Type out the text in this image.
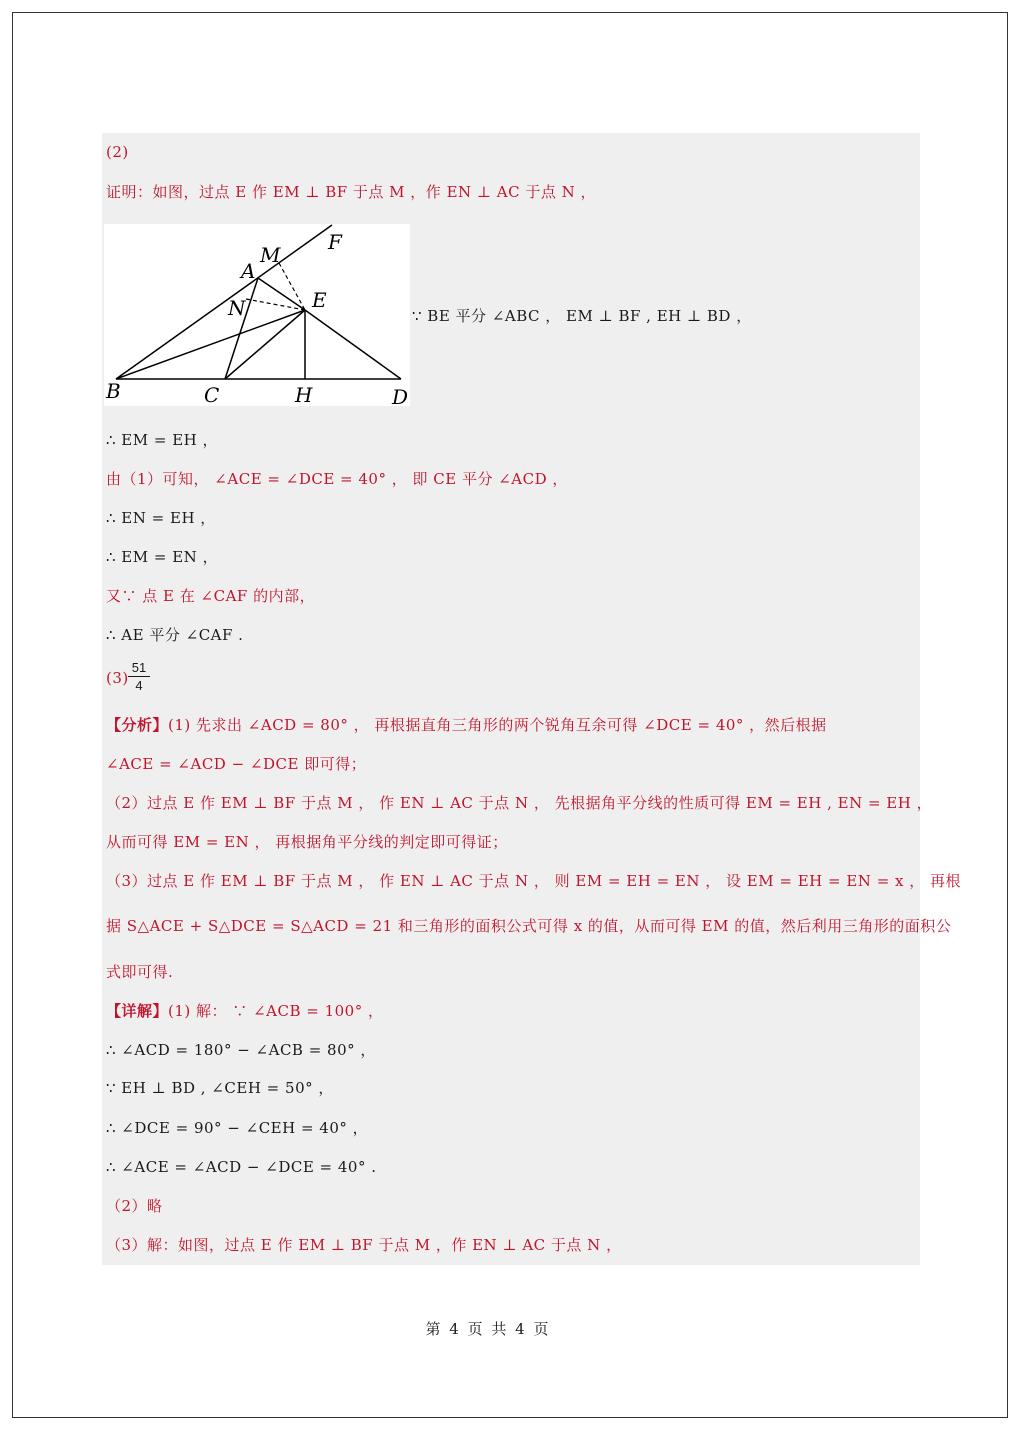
(2)
证明：如图，过点 E 作 EM ⊥ BF 于点 M ，作 EN ⊥ AC 于点 N ，
A
M
F
N	E
B	C	H	D
∵ BE 平分 ∠ABC ， EM ⊥ BF , EH ⊥ BD ，
∴ EM = EH ，
由（1）可知， ∠ACE = ∠DCE = 40° ， 即 CE 平分 ∠ACD ，
∴ EN = EH ，
∴ EM = EN ，
又∵ 点 E 在 ∠CAF 的内部，
∴ AE 平分 ∠CAF .
$(3) \frac{51}{4}$
【分析】(1) 先求出 ∠ACD = 80° ， 再根据直角三角形的两个锐角互余可得 ∠DCE = 40° ，然后根据
∠ACE = ∠ACD − ∠DCE 即可得；
（2）过点 E 作 EM ⊥ BF 于点 M ， 作 EN ⊥ AC 于点 N ， 先根据角平分线的性质可得 EM = EH , EN = EH ，
从而可得 EM = EN ， 再根据角平分线的判定即可得证；
（3）过点 E 作 EM ⊥ BF 于点 M ， 作 EN ⊥ AC 于点 N ， 则 EM = EH = EN ， 设 EM = EH = EN = x ， 再根
据 S△ACE + S△DCE = S△ACD = 21 和三角形的面积公式可得 x 的值，从而可得 EM 的值，然后利用三角形的面积公
式即可得.
【详解】(1) 解： ∵ ∠ACB = 100° ，
∴ ∠ACD = 180° − ∠ACB = 80° ，
∵ EH ⊥ BD , ∠CEH = 50° ，
∴ ∠DCE = 90° − ∠CEH = 40° ，
∴ ∠ACE = ∠ACD − ∠DCE = 40° .
（2）略
（3）解：如图，过点 E 作 EM ⊥ BF 于点 M ，作 EN ⊥ AC 于点 N ，
第 4 页 共 4 页
